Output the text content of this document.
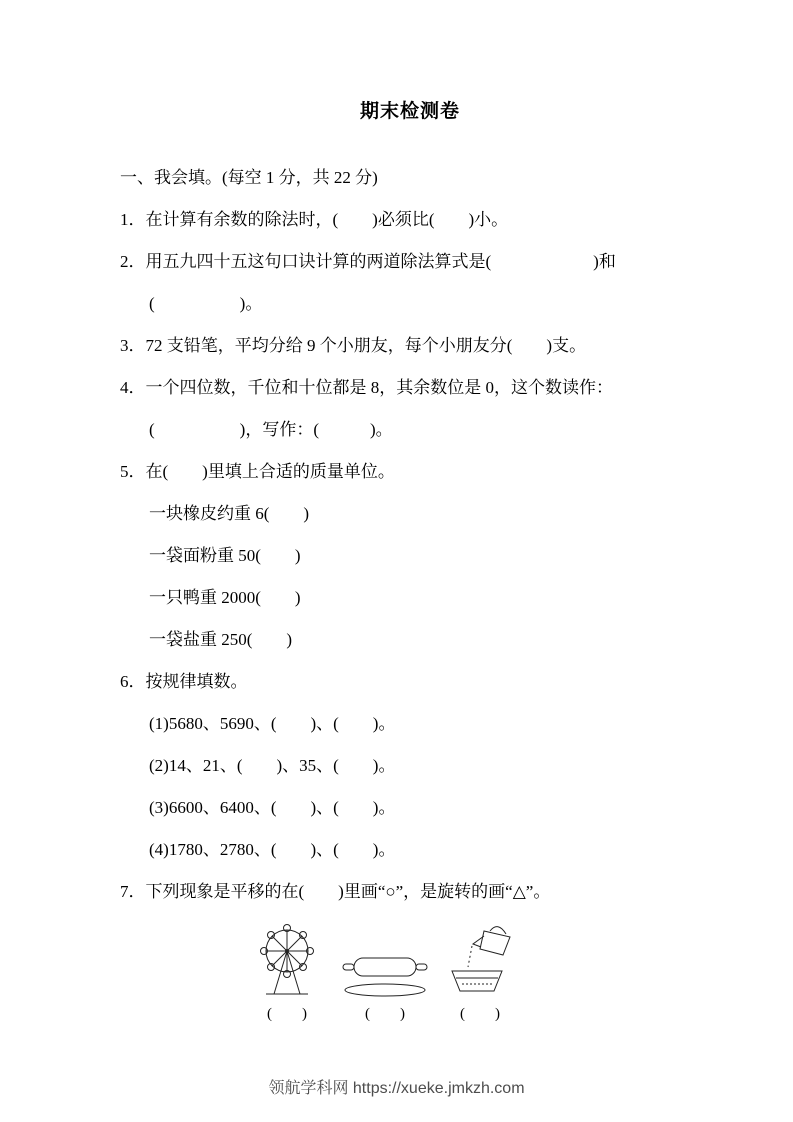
期末检测卷
一、我会填。(每空 1 分，共 22 分)
1．在计算有余数的除法时，(　　)必须比(　　)小。
2．用五九四十五这句口诀计算的两道除法算式是(　　　　　　)和
(　　　　　)。
3．72 支铅笔，平均分给 9 个小朋友，每个小朋友分(　　)支。
4．一个四位数，千位和十位都是 8，其余数位是 0，这个数读作：
(　　　　　)，写作：(　　　)。
5．在(　　)里填上合适的质量单位。
一块橡皮约重 6(　　)
一袋面粉重 50(　　)
一只鸭重 2000(　　)
一袋盐重 250(　　)
6．按规律填数。
(1)5680、5690、(　　)、(　　)。
(2)14、21、(　　)、35、(　　)。
(3)6600、6400、(　　)、(　　)。
(4)1780、2780、(　　)、(　　)。
7．下列现象是平移的在(　　)里画“○”，是旋转的画“△”。
(　　)	(　　)	(　　)
领航学科网 https://xueke.jmkzh.com
